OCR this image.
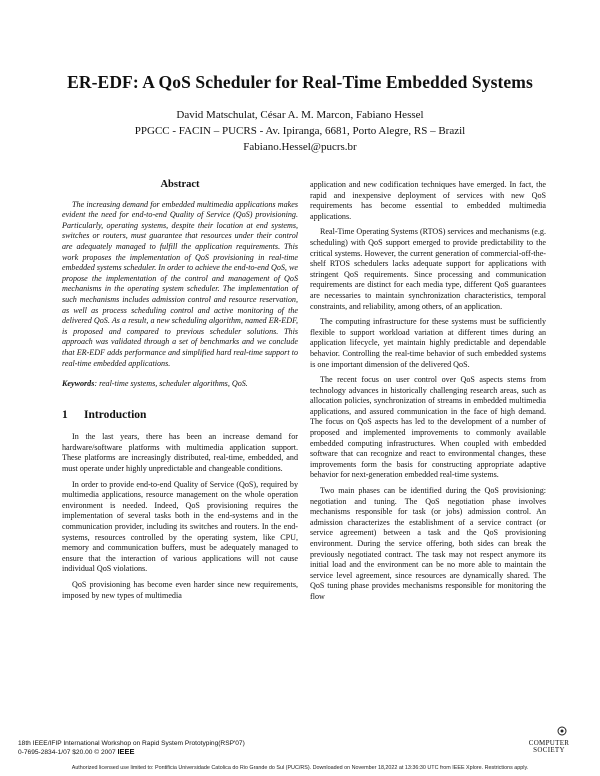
ER-EDF: A QoS Scheduler for Real-Time Embedded Systems
David Matschulat, César A. M. Marcon, Fabiano Hessel
PPGCC - FACIN – PUCRS - Av. Ipiranga, 6681, Porto Alegre, RS – Brazil
Fabiano.Hessel@pucrs.br
Abstract

The increasing demand for embedded multimedia applications makes evident the need for end-to-end Quality of Service (QoS) provisioning. Particularly, operating systems, despite their location at end systems, switches or routers, must guarantee that resources under their control are adequately managed to fulfill the application requirements. This work proposes the implementation of QoS provisioning in real-time embedded systems scheduler. In order to achieve the end-to-end QoS, we propose the implementation of the control and management of QoS mechanisms in the operating system scheduler. The implementation of such mechanisms includes admission control and resource reservation, as well as process scheduling control and active monitoring of the delivered QoS. As a result, a new scheduling algorithm, named ER-EDF, is proposed and compared to previous scheduler solutions. This approach was validated through a set of benchmarks and we conclude that ER-EDF adds performance and simplified hard real-time support to real-time embedded applications.

Keywords: real-time systems, scheduler algorithms, QoS.

1 Introduction

In the last years, there has been an increase demand for hardware/software platforms with multimedia application support. These platforms are increasingly distributed, real-time, embedded, and must operate under highly unpredictable and changeable conditions.

In order to provide end-to-end Quality of Service (QoS), required by multimedia applications, resource management on the whole operation environment is needed. Indeed, QoS provisioning requires the implementation of several tasks both in the end-systems and in the communication provider, including its switches and routers. In the end-systems, resources controlled by the operating system, like CPU, memory and communication buffers, must be adequately managed to ensure that the interaction of various applications will not cause individual QoS violations.

QoS provisioning has become even harder since new requirements, imposed by new types of multimedia

application and new codification techniques have emerged. In fact, the rapid and inexpensive deployment of services with new QoS requirements has become essential to embedded multimedia applications.

Real-Time Operating Systems (RTOS) services and mechanisms (e.g. scheduling) with QoS support emerged to provide predictability to the critical systems. However, the current generation of commercial-off-the-shelf RTOS schedulers lacks adequate support for applications with stringent QoS requirements. Since processing and communication requirements are distinct for each media type, different QoS guarantees are necessaries to maintain synchronization characteristics, temporal constraints, and reliability, among others, of an application.

The computing infrastructure for these systems must be sufficiently flexible to support workload variation at different times during an application lifecycle, yet maintain highly predictable and dependable behavior. Controlling the real-time behavior of such embedded systems is one important dimension of the delivered QoS.

The recent focus on user control over QoS aspects stems from technology advances in historically challenging research areas, such as allocation policies, synchronization of streams in embedded multimedia applications, and assured communication in the face of high demand. The focus on QoS aspects has led to the development of a number of proposed and implemented improvements to commonly available embedded computing infrastructures. When coupled with embedded software that can recognize and react to environmental changes, these improvements form the basis for constructing appropriate adaptive behavior for next-generation embedded real-time systems.

Two main phases can be identified during the QoS provisioning: negotiation and tuning. The QoS negotiation phase involves mechanisms responsible for task (or jobs) admission control. An admission characterizes the establishment of a service contract (or service agreement) between a task and the QoS provisioning environment. During the service offering, both sides can break the previously negotiated contract. The task may not respect anymore its initial load and the environment can be no more able to maintain the service level agreement, since resources are dynamically shared. The QoS tuning phase provides mechanisms responsible for monitoring the flow

18th IEEE/IFIP International Workshop on Rapid System Prototyping(RSP'07)
0-7695-2834-1/07 $20.00 © 2007 IEEE
COMPUTER
SOCIETY
Authorized licensed use limited to: Pontificia Universidade Catolica do Rio Grande do Sul (PUC/RS). Downloaded on November 18,2022 at 13:36:30 UTC from IEEE Xplore. Restrictions apply.
